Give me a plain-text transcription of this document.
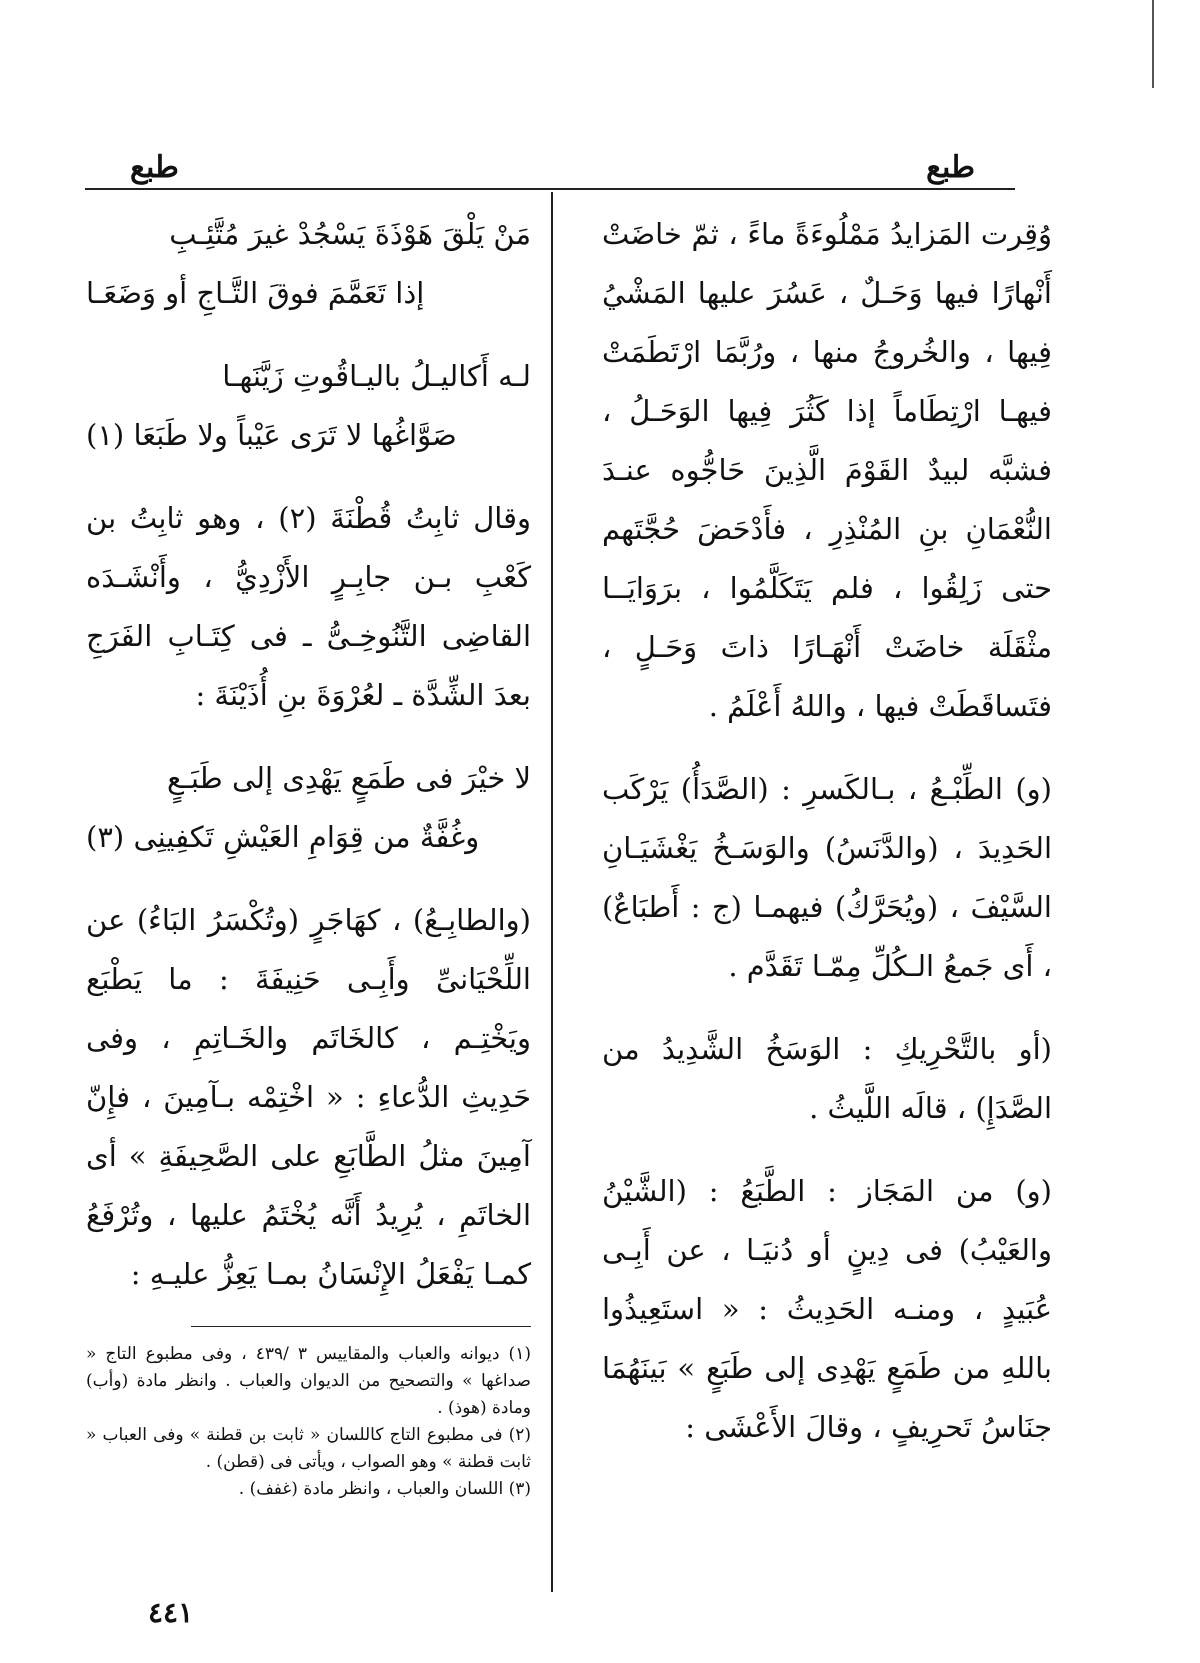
طبع
طبع

وُقِرت المَزايدُ مَمْلُوءَةً ماءً ، ثمّ خاضَتْ أَنْهارًا فيها وَحَـلٌ ، عَسُرَ عليها المَشْيُ فِيها ، والخُروجُ منها ، ورُبَّمَا ارْتَطَمَتْ فيهـا ارْتِطَاماً إذا كَثُرَ فِيها الوَحَـلُ ، فشبَّه لبيدٌ القَوْمَ الَّذِينَ حَاجُّوه عنـدَ النُّعْمَانِ بنِ المُنْذِرِ ، فأَدْحَضَ حُجَّتَهم حتى زَلِقُوا ، فلم يَتَكَلَّمُوا ، برَوَايَــا مثْقَلَة خاضَتْ أَنْهَـارًا ذاتَ وَحَـلٍ ، فتَساقَطَتْ فيها ، واللهُ أَعْلَمُ .

(و) الطِّبْـعُ ، بـالكَسرِ : (الصَّدَأُ) يَرْكَب الحَدِيدَ ، (والدَّنَسُ) والوَسَـخُ يَغْشَيَـانِ السَّيْفَ ، (ويُحَرَّكُ) فيهمـا (ج : أَطبَاعٌ) ، أَى جَمعُ الـكُلِّ مِمّـا تَقَدَّم .

(أو بالتَّحْرِيكِ : الوَسَخُ الشَّدِيدُ من الصَّدَإِ) ، قالَه اللَّيثُ .

(و) من المَجَاز : الطَّبَعُ : (الشَّيْنُ والعَيْبُ) فى دِينٍ أو دُنيَـا ، عن أَبِـى عُبَيدٍ ، ومنـه الحَدِيثُ : « استَعِيذُوا باللهِ من طَمَعٍ يَهْدِى إلى طَبَعٍ » بَينَهُمَا جنَاسُ تَحرِيفٍ ، وقالَ الأَعْشَى :

مَنْ يَلْقَ هَوْذَةَ يَسْجُدْ غيرَ مُتَّئِـبِ

إذا تَعَمَّمَ فوقَ التَّـاجِ أو وَضَعَـا

لـه أَكاليـلُ باليـاقُوتِ زَيَّنَهـا

صَوَّاغُها لا تَرَى عَيْباً ولا طَبَعَا (١)

وقال ثابِتُ قُطْنَةَ (٢) ، وهو ثابِتُ بن كَعْبِ بـن جابِـرٍ الأَزْدِيُّ ، وأَنْشَـدَه القاضِى التَّنُوخِـىُّ ـ فى كِتَـابِ الفَرَجِ بعدَ الشِّدَّة ـ لعُرْوَةَ بنِ أُذَيْنَةَ :

لا خيْرَ فى طَمَعٍ يَهْدِى إلى طَبَـعٍ

وغُفَّةٌ من قِوَامِ العَيْشِ تَكفِينِى (٣)

(والطابِـعُ) ، كهَاجَرٍ (وتُكْسَرُ البَاءُ) عن اللِّحْيَانىِّ وأَبِـى حَنِيفَةَ : ما يَطْبَع ويَخْتِـم ، كالخَاتَم والخَـاتِمِ ، وفى حَدِيثِ الدُّعاءِ : « اخْتِمْه بـآمِينَ ، فإِنّ آمِينَ مثلُ الطَّابَعِ على الصَّحِيفَةِ » أى الخاتَمِ ، يُرِيدُ أَنَّه يُخْتَمُ عليها ، وتُرْفَعُ كمـا يَفْعَلُ الإِنْسَانُ بمـا يَعِزُّ عليـهِ :

(١) ديوانه والعباب والمقاييس ٣ /٤٣٩ ، وفى مطبوع التاج « صداغها » والتصحيح من الديوان والعباب . وانظر مادة (وأب) ومادة (هوذ) .

(٢) فى مطبوع التاج كاللسان « ثابت بن قطنة » وفى العباب « ثابت قطنة » وهو الصواب ، ويأتى فى (قطن) .

(٣) اللسان والعباب ، وانظر مادة (غفف) .

٤٤١
